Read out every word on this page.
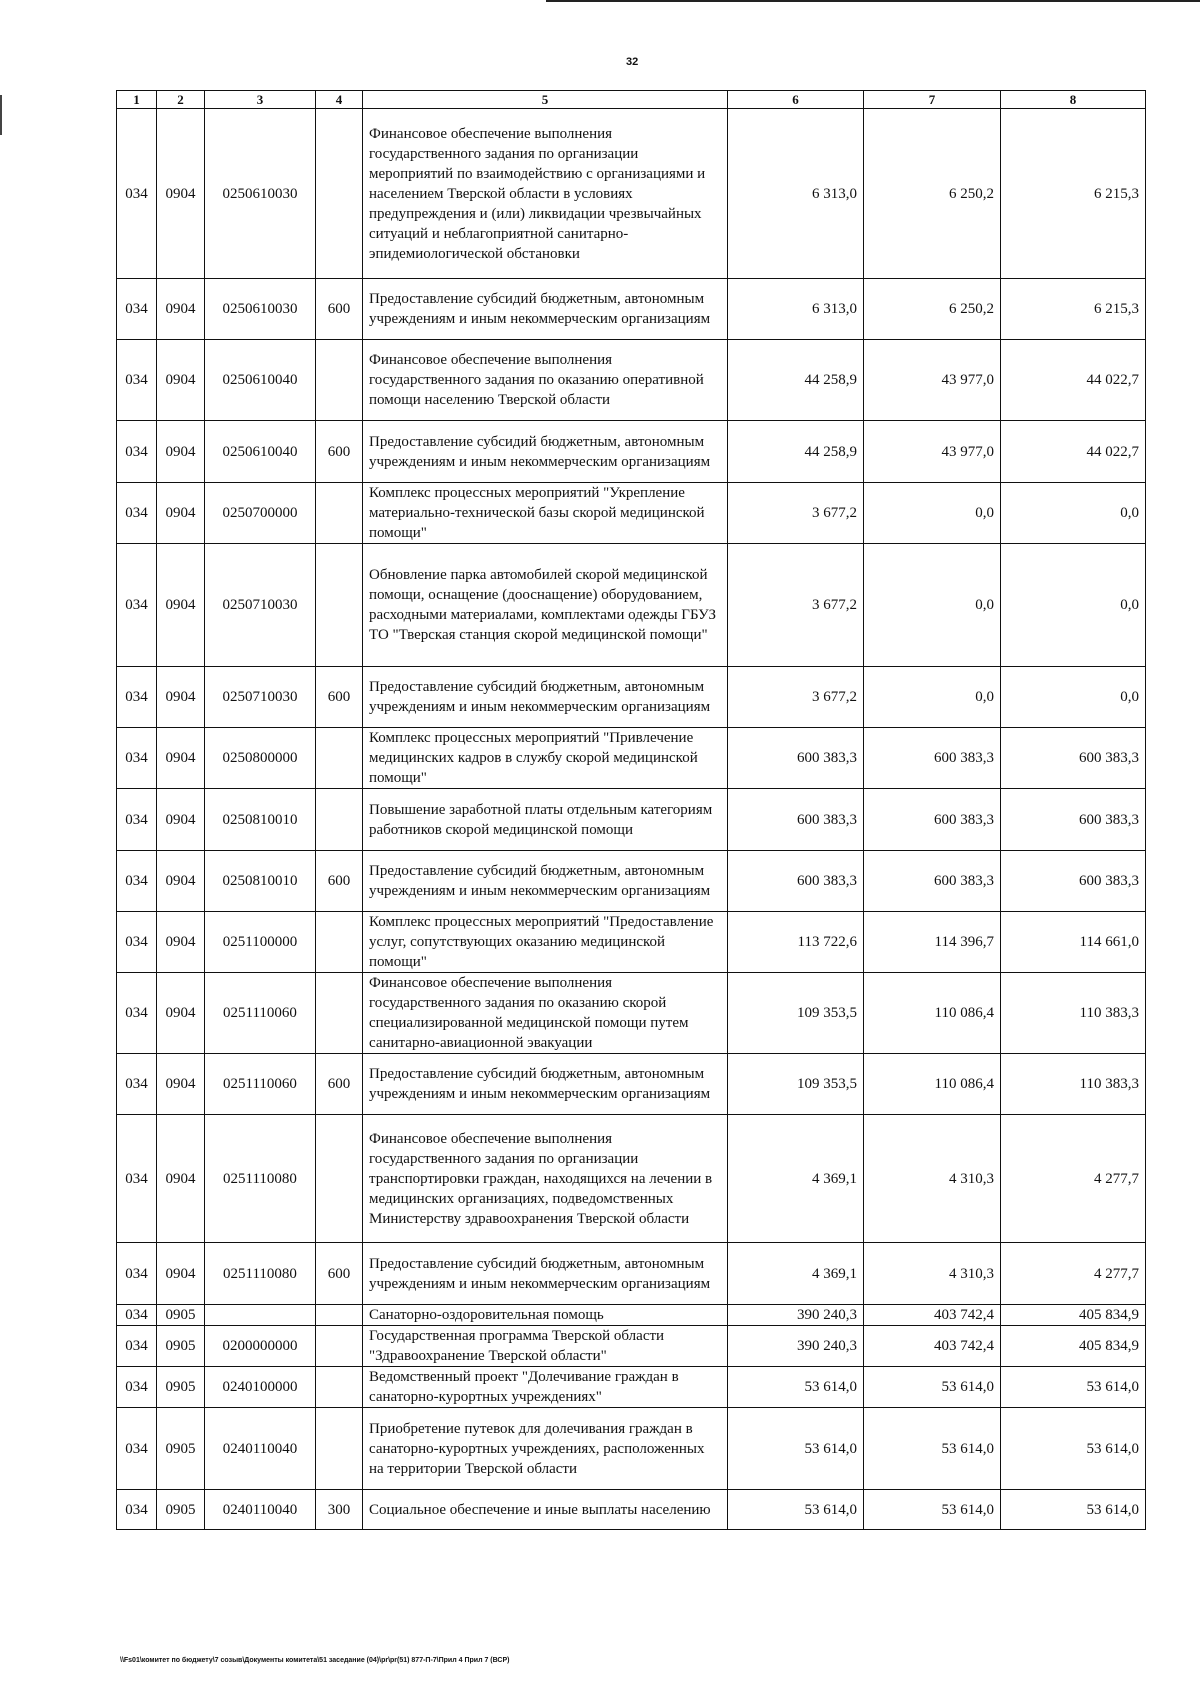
32
1	2	3	4	5	6	7	8
034	0904	0250610030		Финансовое обеспечение выполнения государственного задания по организации мероприятий по взаимодействию с организациями и населением Тверской области в условиях предупреждения и (или) ликвидации чрезвычайных ситуаций и неблагоприятной санитарно-эпидемиологической обстановки	6 313,0	6 250,2	6 215,3
034	0904	0250610030	600	Предоставление субсидий бюджетным, автономным учреждениям и иным некоммерческим организациям	6 313,0	6 250,2	6 215,3
034	0904	0250610040		Финансовое обеспечение выполнения государственного задания по оказанию оперативной помощи населению Тверской области	44 258,9	43 977,0	44 022,7
034	0904	0250610040	600	Предоставление субсидий бюджетным, автономным учреждениям и иным некоммерческим организациям	44 258,9	43 977,0	44 022,7
034	0904	0250700000		Комплекс процессных мероприятий "Укрепление материально-технической базы скорой медицинской помощи"	3 677,2	0,0	0,0
034	0904	0250710030		Обновление парка автомобилей скорой медицинской помощи, оснащение (дооснащение) оборудованием, расходными материалами, комплектами одежды ГБУЗ ТО "Тверская станция скорой медицинской помощи"	3 677,2	0,0	0,0
034	0904	0250710030	600	Предоставление субсидий бюджетным, автономным учреждениям и иным некоммерческим организациям	3 677,2	0,0	0,0
034	0904	0250800000		Комплекс процессных мероприятий "Привлечение медицинских кадров в службу скорой медицинской помощи"	600 383,3	600 383,3	600 383,3
034	0904	0250810010		Повышение заработной платы отдельным категориям работников скорой медицинской помощи	600 383,3	600 383,3	600 383,3
034	0904	0250810010	600	Предоставление субсидий бюджетным, автономным учреждениям и иным некоммерческим организациям	600 383,3	600 383,3	600 383,3
034	0904	0251100000		Комплекс процессных мероприятий "Предоставление услуг, сопутствующих оказанию медицинской помощи"	113 722,6	114 396,7	114 661,0
034	0904	0251110060		Финансовое обеспечение выполнения государственного задания по оказанию скорой специализированной медицинской помощи путем санитарно-авиационной эвакуации	109 353,5	110 086,4	110 383,3
034	0904	0251110060	600	Предоставление субсидий бюджетным, автономным учреждениям и иным некоммерческим организациям	109 353,5	110 086,4	110 383,3
034	0904	0251110080		Финансовое обеспечение выполнения государственного задания по организации транспортировки граждан, находящихся на лечении в медицинских организациях, подведомственных Министерству здравоохранения Тверской области	4 369,1	4 310,3	4 277,7
034	0904	0251110080	600	Предоставление субсидий бюджетным, автономным учреждениям и иным некоммерческим организациям	4 369,1	4 310,3	4 277,7
034	0905			Санаторно-оздоровительная помощь	390 240,3	403 742,4	405 834,9
034	0905	0200000000		Государственная программа Тверской области "Здравоохранение Тверской области"	390 240,3	403 742,4	405 834,9
034	0905	0240100000		Ведомственный проект "Долечивание граждан в санаторно-курортных учреждениях"	53 614,0	53 614,0	53 614,0
034	0905	0240110040		Приобретение путевок для долечивания граждан в санаторно-курортных учреждениях, расположенных на территории Тверской области	53 614,0	53 614,0	53 614,0
034	0905	0240110040	300	Социальное обеспечение и иные выплаты населению	53 614,0	53 614,0	53 614,0
\\Fs01\комитет по бюджету\7 созыв\Документы комитета\51 заседание (04)\pr\pr(51) 877-П-7\Прил 4 Прил 7 (ВСР)
